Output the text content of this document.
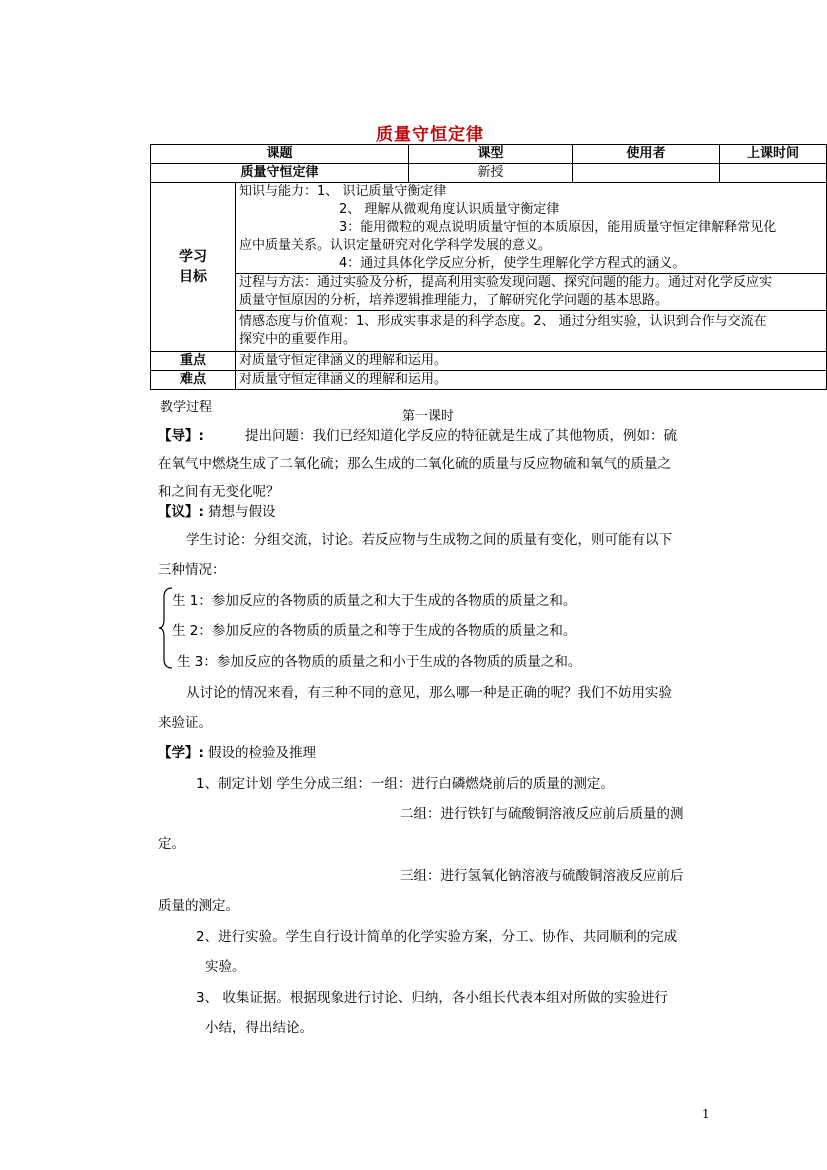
质量守恒定律
课题		课型	使用者	上课时间
质量守恒定律		新授		
学习目标	知识与能力：1、 识记质量守衡定律
2、 理解从微观角度认识质量守衡定律
3：能用微粒的观点说明质量守恒的本质原因，能用质量守恒定律解释常见化
应中质量关系。认识定量研究对化学科学发展的意义。
4：通过具体化学反应分析，使学生理解化学方程式的涵义。			

	过程与方法：通过实验及分析，提高利用实验发现问题、探究问题的能力。通过对化学反应实
质量守恒原因的分析，培养逻辑推理能力，了解研究化学问题的基本思路。			

	情感态度与价值观：1、形成实事求是的科学态度。2、 通过分组实验，认识到合作与交流在
探究中的重要作用。			

重点	对质量守恒定律涵义的理解和运用。			
难点	对质量守恒定律涵义的理解和运用。			
教学过程
第一课时
【导】:	提出问题：我们已经知道化学反应的特征就是生成了其他物质，例如：硫
在氧气中燃烧生成了二氧化硫；那么生成的二氧化硫的质量与反应物硫和氧气的质量之
和之间有无变化呢？
【议】: 猜想与假设
学生讨论：分组交流，讨论。若反应物与生成物之间的质量有变化，则可能有以下
三种情况：
生 1：参加反应的各物质的质量之和大于生成的各物质的质量之和。
生 2：参加反应的各物质的质量之和等于生成的各物质的质量之和。
生 3：参加反应的各物质的质量之和小于生成的各物质的质量之和。
从讨论的情况来看，有三种不同的意见，那么哪一种是正确的呢？我们不妨用实验
来验证。
【学】: 假设的检验及推理
1、制定计划 学生分成三组：一组：进行白磷燃烧前后的质量的测定。
二组：进行铁钉与硫酸铜溶液反应前后质量的测
定。
三组：进行氢氧化钠溶液与硫酸铜溶液反应前后
质量的测定。
2、进行实验。学生自行设计简单的化学实验方案，分工、协作、共同顺利的完成
实验。
3、 收集证据。根据现象进行讨论、归纳，各小组长代表本组对所做的实验进行
小结，得出结论。
1
